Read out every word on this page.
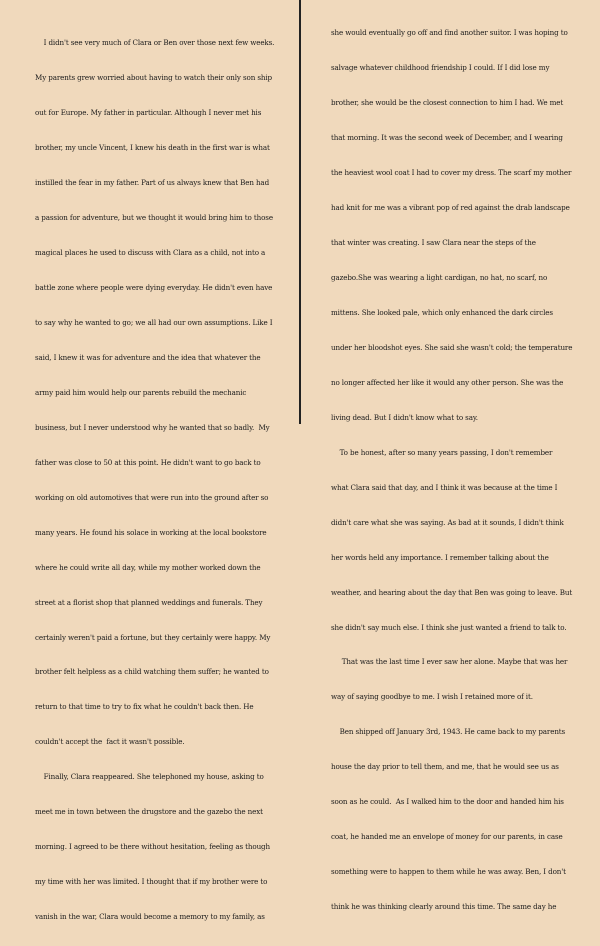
I didn't see very much of Clara or Ben over those next few weeks.

My parents grew worried about having to watch their only son ship

out for Europe. My father in particular. Although I never met his

brother, my uncle Vincent, I knew his death in the first war is what

instilled the fear in my father. Part of us always knew that Ben had

a passion for adventure, but we thought it would bring him to those

magical places he used to discuss with Clara as a child, not into a

battle zone where people were dying everyday. He didn't even have

to say why he wanted to go; we all had our own assumptions. Like I

said, I knew it was for adventure and the idea that whatever the

army paid him would help our parents rebuild the mechanic

business, but I never understood why he wanted that so badly.  My

father was close to 50 at this point. He didn't want to go back to

working on old automotives that were run into the ground after so

many years. He found his solace in working at the local bookstore

where he could write all day, while my mother worked down the

street at a florist shop that planned weddings and funerals. They

certainly weren't paid a fortune, but they certainly were happy. My

brother felt helpless as a child watching them suffer; he wanted to

return to that time to try to fix what he couldn't back then. He

couldn't accept the  fact it wasn't possible.

Finally, Clara reappeared. She telephoned my house, asking to

meet me in town between the drugstore and the gazebo the next

morning. I agreed to be there without hesitation, feeling as though

my time with her was limited. I thought that if my brother were to

vanish in the war, Clara would become a memory to my family, as

she would eventually go off and find another suitor. I was hoping to

salvage whatever childhood friendship I could. If I did lose my

brother, she would be the closest connection to him I had. We met

that morning. It was the second week of December, and I wearing

the heaviest wool coat I had to cover my dress. The scarf my mother

had knit for me was a vibrant pop of red against the drab landscape

that winter was creating. I saw Clara near the steps of the

gazebo.She was wearing a light cardigan, no hat, no scarf, no

mittens. She looked pale, which only enhanced the dark circles

under her bloodshot eyes. She said she wasn't cold; the temperature

no longer affected her like it would any other person. She was the

living dead. But I didn't know what to say.

To be honest, after so many years passing, I don't remember

what Clara said that day, and I think it was because at the time I

didn't care what she was saying. As bad at it sounds, I didn't think

her words held any importance. I remember talking about the

weather, and hearing about the day that Ben was going to leave. But

she didn't say much else. I think she just wanted a friend to talk to.

That was the last time I ever saw her alone. Maybe that was her

way of saying goodbye to me. I wish I retained more of it.

Ben shipped off January 3rd, 1943. He came back to my parents

house the day prior to tell them, and me, that he would see us as

soon as he could.  As I walked him to the door and handed him his

coat, he handed me an envelope of money for our parents, in case

something were to happen to them while he was away. Ben, I don't

think he was thinking clearly around this time. The same day he
